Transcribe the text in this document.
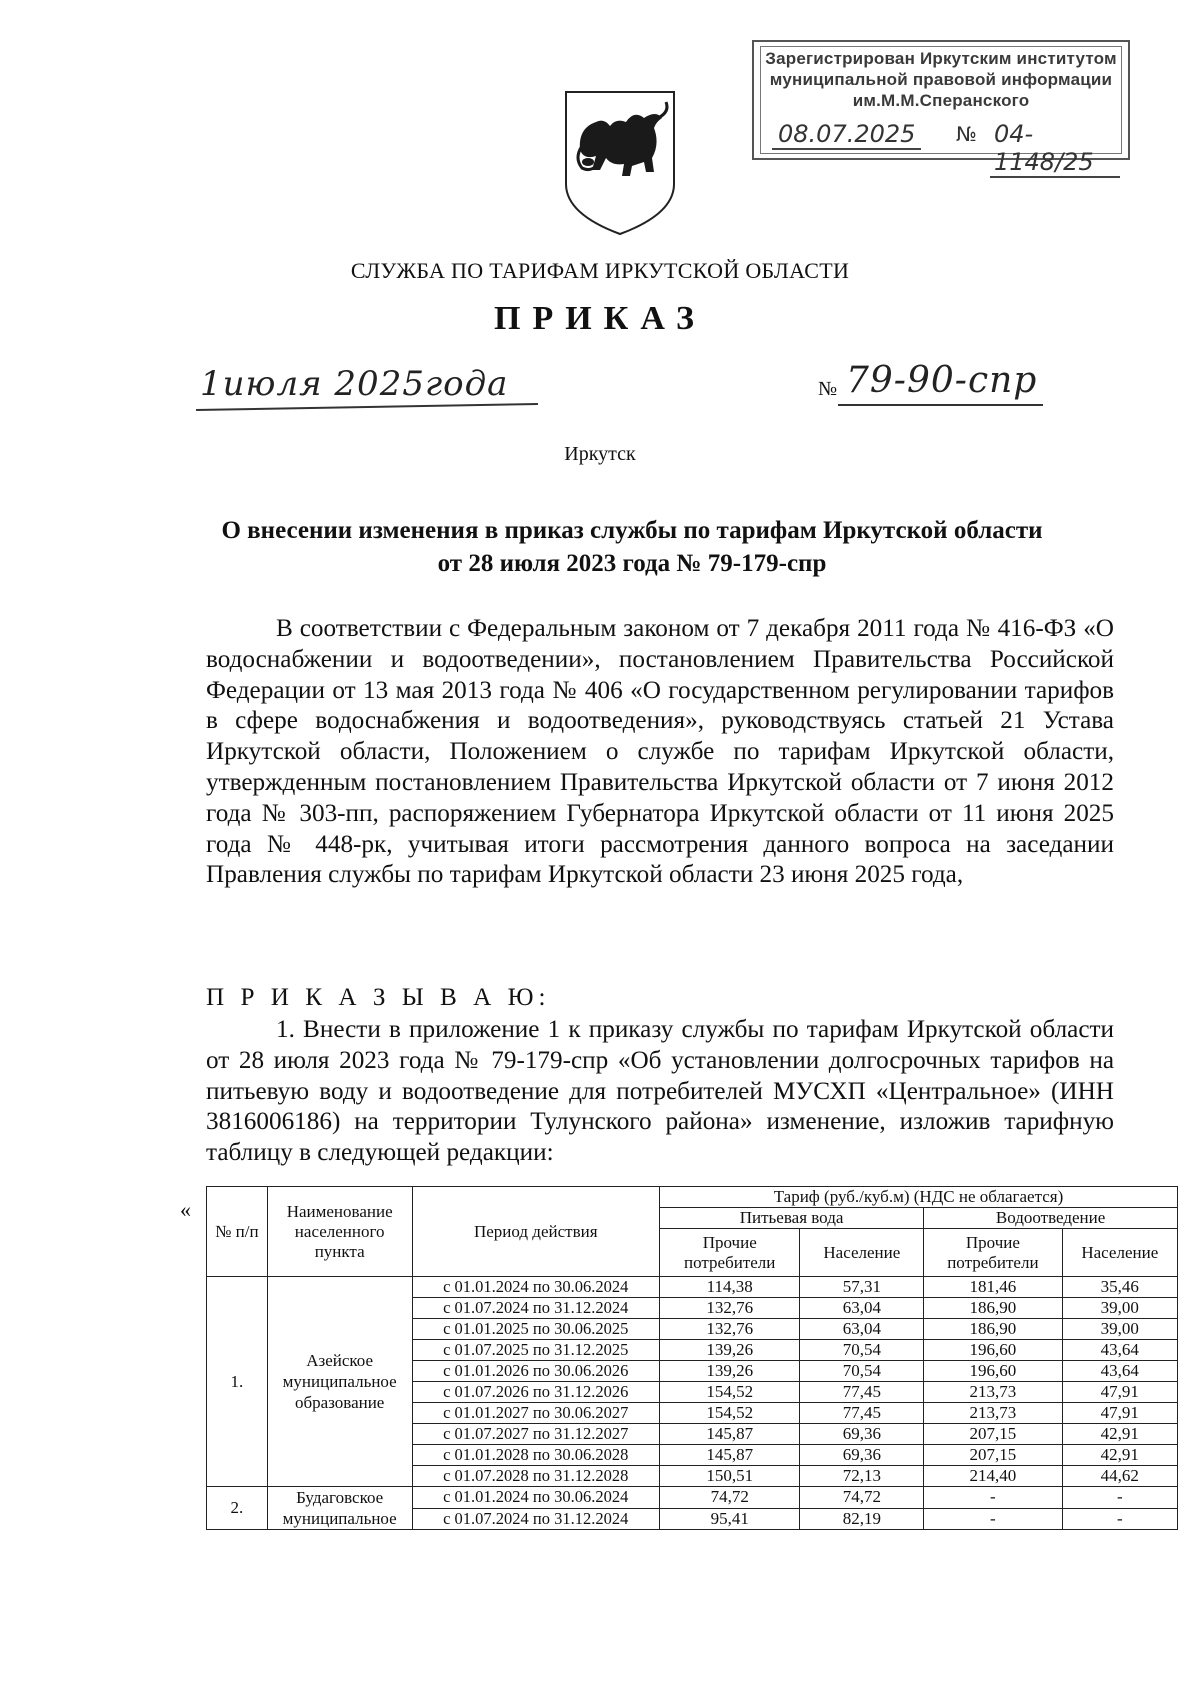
Зарегистрирован Иркутским институтом
муниципальной правовой информации
им.М.М.Сперанского
08.07.2025	№ 04-1148/25
СЛУЖБА ПО ТАРИФАМ ИРКУТСКОЙ ОБЛАСТИ
ПРИКАЗ
1июля 2025года	№ 79-90-спр
Иркутск
О внесении изменения в приказ службы по тарифам Иркутской области
от 28 июля 2023 года № 79-179-спр
В соответствии с Федеральным законом от 7 декабря 2011 года № 416-ФЗ «О водоснабжении и водоотведении», постановлением Правительства Российской Федерации от 13 мая 2013 года № 406 «О государственном регулировании тарифов в сфере водоснабжения и водоотведения», руководствуясь статьей 21 Устава Иркутской области, Положением о службе по тарифам Иркутской области, утвержденным постановлением Правительства Иркутской области от 7 июня 2012 года № 303-пп, распоряжением Губернатора Иркутской области от 11 июня 2025 года № 448-рк, учитывая итоги рассмотрения данного вопроса на заседании Правления службы по тарифам Иркутской области 23 июня 2025 года,
П Р И К А З Ы В А Ю:
1. Внести в приложение 1 к приказу службы по тарифам Иркутской области от 28 июля 2023 года № 79-179-спр «Об установлении долгосрочных тарифов на питьевую воду и водоотведение для потребителей МУСХП «Центральное» (ИНН 3816006186) на территории Тулунского района» изменение, изложив тарифную таблицу в следующей редакции:
«
№ п/п	Наименование населенного пункта	Период действия	Тариф (руб./куб.м) (НДС не облагается)			
			Питьевая вода		Водоотведение	
			Прочие потребители	Население	Прочие потребители	Население
1.	Азейское муниципальное образование	с 01.01.2024 по 30.06.2024	114,38	57,31	181,46	35,46
		с 01.07.2024 по 31.12.2024	132,76	63,04	186,90	39,00
		с 01.01.2025 по 30.06.2025	132,76	63,04	186,90	39,00
		с 01.07.2025 по 31.12.2025	139,26	70,54	196,60	43,64
		с 01.01.2026 по 30.06.2026	139,26	70,54	196,60	43,64
		с 01.07.2026 по 31.12.2026	154,52	77,45	213,73	47,91
		с 01.01.2027 по 30.06.2027	154,52	77,45	213,73	47,91
		с 01.07.2027 по 31.12.2027	145,87	69,36	207,15	42,91
		с 01.01.2028 по 30.06.2028	145,87	69,36	207,15	42,91
		с 01.07.2028 по 31.12.2028	150,51	72,13	214,40	44,62
2.	Будаговское муниципальное	с 01.01.2024 по 30.06.2024	74,72	74,72	-	-
		с 01.07.2024 по 31.12.2024	95,41	82,19	-	-
